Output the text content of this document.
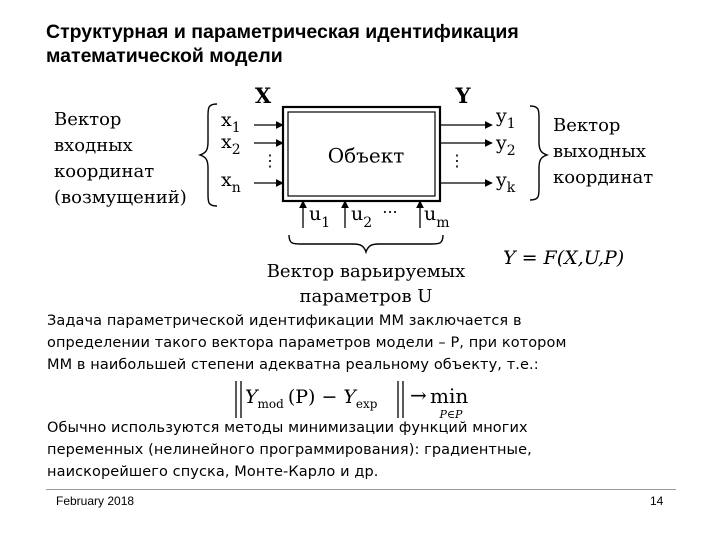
Структурная и параметрическая идентификация
математической модели
Объект
X	Y
$x_1$
$x_2$
$x_n$
⋮	⋮
$y_1$
$y_2$
$y_k$
$u_1$ $u_2$
... $u_m$
Вектор
входных
координат
(возмущений)
Вектор
выходных
координат
Вектор варьируемых
параметров U
Y = F(X,U,P)
$Y_{mod}$ $(P) - Y_{exp} \to \min$
P∈P
Задача параметрической идентификации ММ заключается в
определении такого вектора параметров модели – P, при котором
ММ в наибольшей степени адекватна реальному объекту, т.е.:
Обычно используются методы минимизации функций многих
переменных (нелинейного программирования): градиентные,
наискорейшего спуска, Монте-Карло и др.
February 2018	14
